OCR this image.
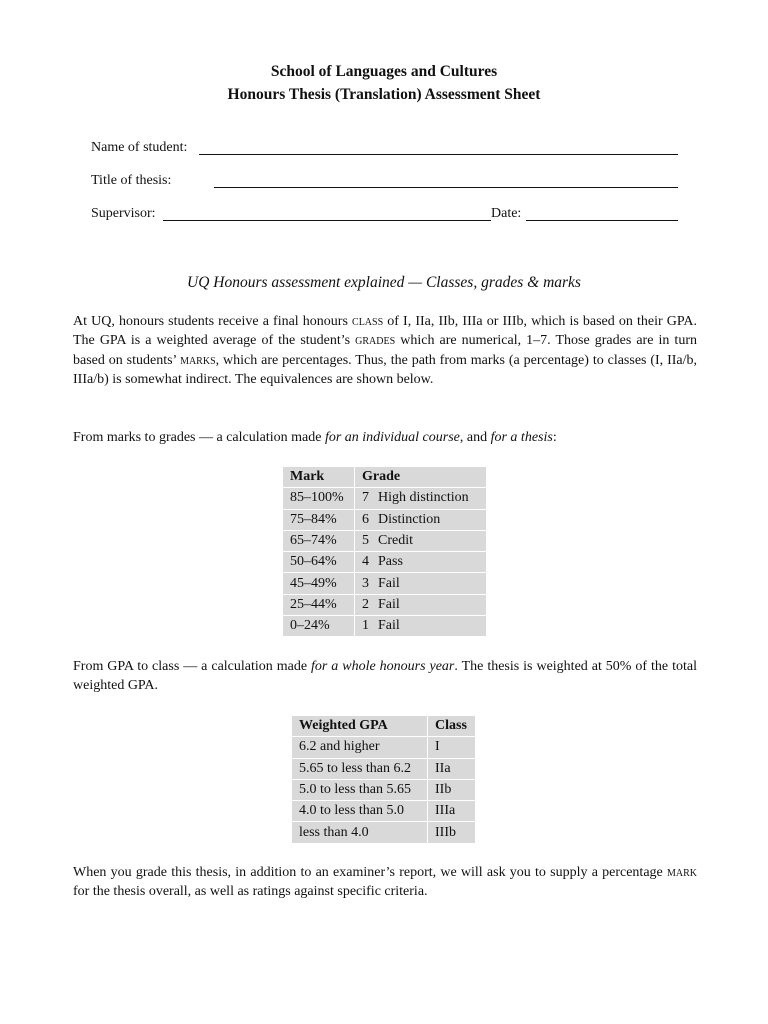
School of Languages and Cultures
Honours Thesis (Translation) Assessment Sheet
Name of student:
Title of thesis:
Supervisor:	Date:
UQ Honours assessment explained — Classes, grades & marks
At UQ, honours students receive a final honours class of I, IIa, IIb, IIIa or IIIb, which is based on their GPA. The GPA is a weighted average of the student’s grades which are numerical, 1–7. Those grades are in turn based on students’ marks, which are percentages. Thus, the path from marks (a percentage) to classes (I, IIa/b, IIIa/b) is somewhat indirect. The equivalences are shown below.
From marks to grades — a calculation made for an individual course, and for a thesis:
Mark	Grade
85–100%	7 High distinction
75–84%	6 Distinction
65–74%	5 Credit
50–64%	4 Pass
45–49%	3 Fail
25–44%	2 Fail
0–24%	1 Fail
From GPA to class — a calculation made for a whole honours year. The thesis is weighted at 50% of the total weighted GPA.
Weighted GPA	Class
6.2 and higher	I
5.65 to less than 6.2	IIa
5.0 to less than 5.65	IIb
4.0 to less than 5.0	IIIa
less than 4.0	IIIb
When you grade this thesis, in addition to an examiner’s report, we will ask you to supply a percentage mark for the thesis overall, as well as ratings against specific criteria.
